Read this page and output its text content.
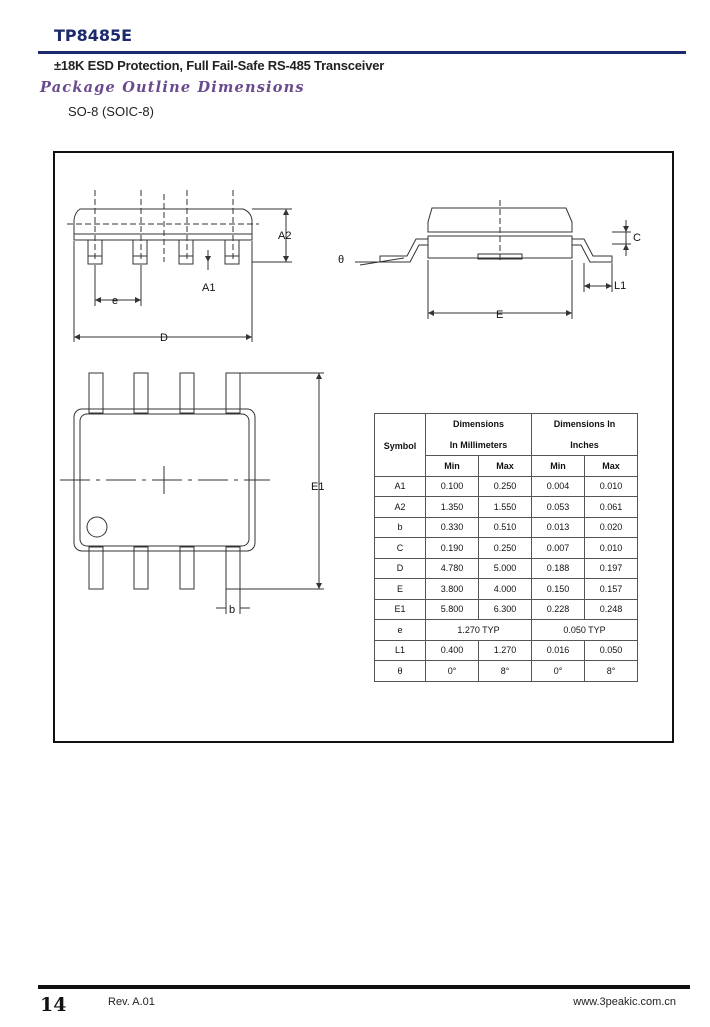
TP8485E
±18K ESD Protection, Full Fail-Safe RS-485 Transceiver
Package Outline Dimensions
SO-8 (SOIC-8)
A2
A1
e
D
θ
C
L1
E
E1
b
Symbol	Dimensions		Dimensions In	
	In Millimeters		Inches	
	Min	Max	Min	Max
A1	0.100	0.250	0.004	0.010
A2	1.350	1.550	0.053	0.061
b	0.330	0.510	0.013	0.020
C	0.190	0.250	0.007	0.010
D	4.780	5.000	0.188	0.197
E	3.800	4.000	0.150	0.157
E1	5.800	6.300	0.228	0.248
e	1.270 TYP		0.050 TYP	
L1	0.400	1.270	0.016	0.050
θ	0°	8°	0°	8°
14	Rev. A.01	www.3peakic.com.cn
